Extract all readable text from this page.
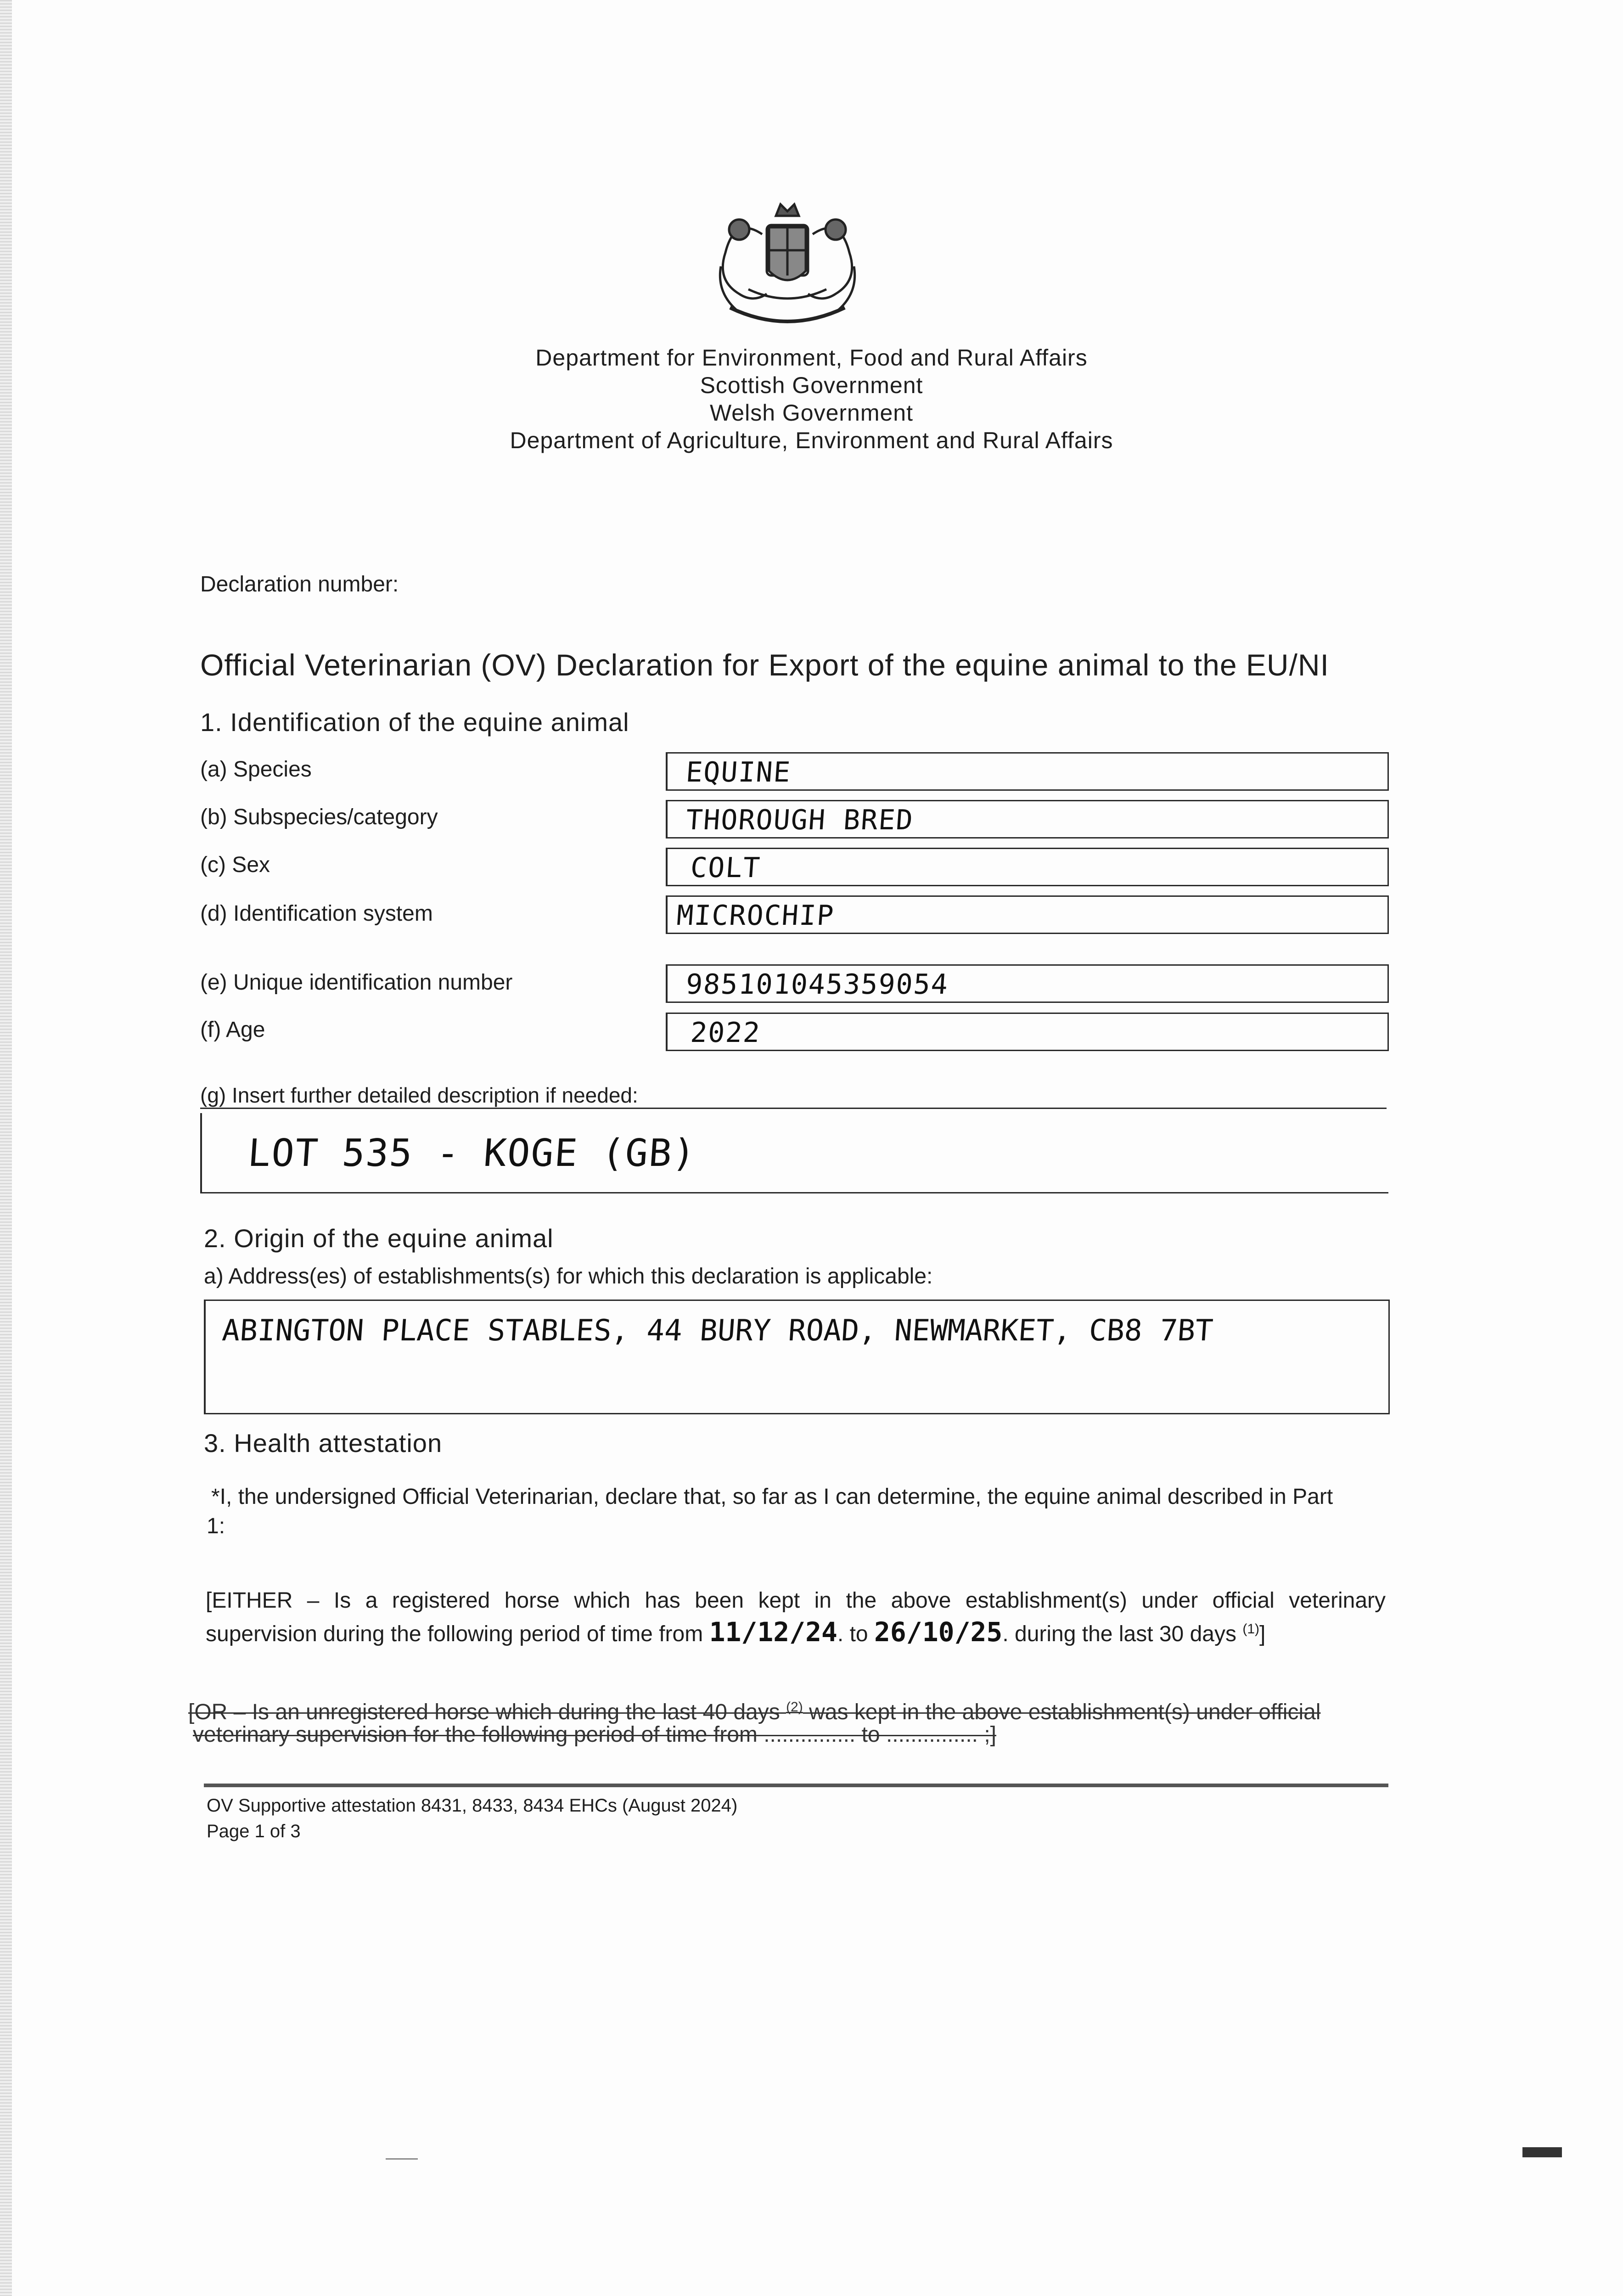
Department for Environment, Food and Rural Affairs
Scottish Government
Welsh Government
Department of Agriculture, Environment and Rural Affairs
Declaration number:
Official Veterinarian (OV) Declaration for Export of the equine animal to the EU/NI
1. Identification of the equine animal
(a) Species	EQUINE
(b) Subspecies/category	THOROUGH BRED
(c) Sex	COLT
(d) Identification system	MICROCHIP
(e) Unique identification number	985101045359054
(f) Age	2022
(g) Insert further detailed description if needed:
LOT 535 - KOGE (GB)
2. Origin of the equine animal
a) Address(es) of establishments(s) for which this declaration is applicable:
ABINGTON PLACE STABLES, 44 BURY ROAD, NEWMARKET, CB8 7BT
3. Health attestation
*I, the undersigned Official Veterinarian, declare that, so far as I can determine, the equine animal described in Part
1:
[EITHER – Is a registered horse which has been kept in the above establishment(s) under official veterinary
supervision during the following period of time from 11/12/24. to 26/10/25. during the last 30 days $^{(1)}$]
[OR – Is an unregistered horse which during the last 40 days $^{(2)}$ was kept in the above establishment(s) under official
veterinary supervision for the following period of time from ............... to ............... ;]
OV Supportive attestation 8431, 8433, 8434 EHCs (August 2024)
Page 1 of 3
